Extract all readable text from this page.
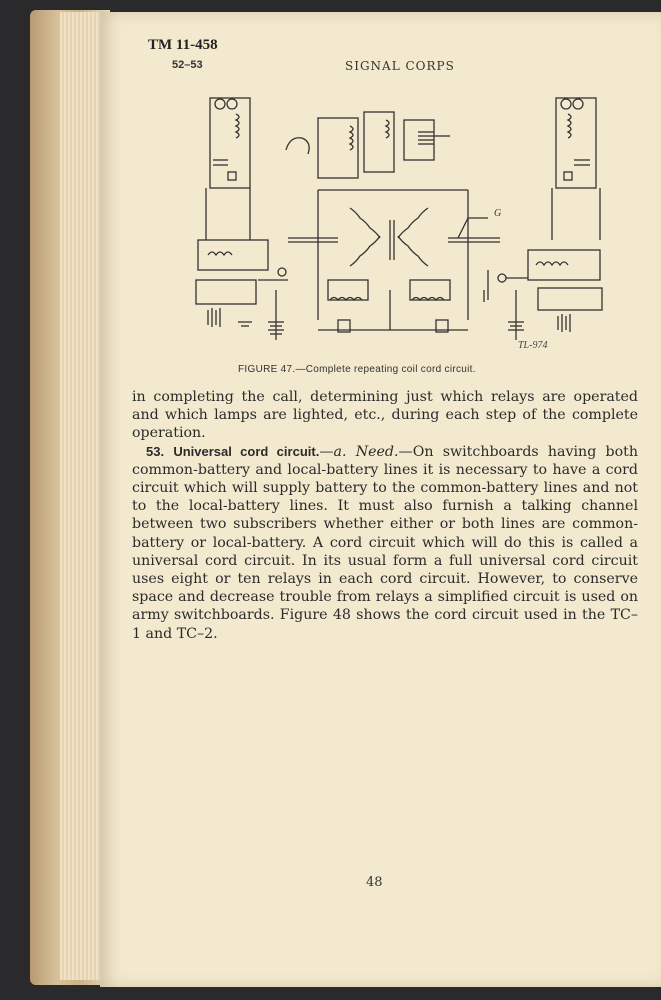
TM 11-458
52–53	SIGNAL CORPS
G
TL-974
FIGURE 47.—Complete repeating coil cord circuit.

in completing the call, determining just which relays are operated and which lamps are lighted, etc., during each step of the complete operation.

53. Universal cord circuit.—a. Need.—On switchboards having both common-battery and local-battery lines it is necessary to have a cord circuit which will supply battery to the common-battery lines and not to the local-battery lines. It must also furnish a talking channel between two subscribers whether either or both lines are common-battery or local-battery. A cord circuit which will do this is called a universal cord circuit. In its usual form a full universal cord circuit uses eight or ten relays in each cord circuit. However, to conserve space and decrease trouble from relays a simplified circuit is used on army switchboards. Figure 48 shows the cord circuit used in the TC–1 and TC–2.

48
